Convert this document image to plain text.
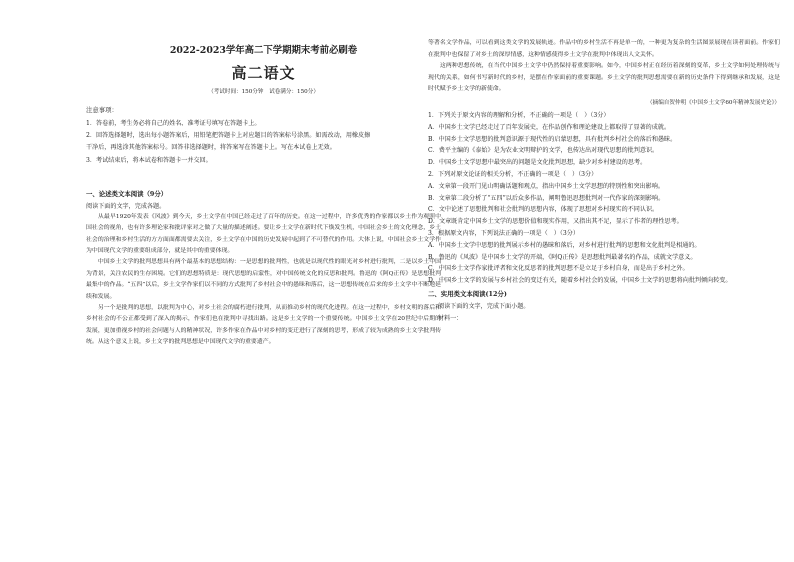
2022-2023学年高二下学期期末考前必刷卷
高二语文
（考试时间：150分钟　试卷满分：150分）
注意事项：

1．答卷前，考生务必将自己的姓名、准考证号填写在答题卡上。

2．回答选择题时，选出每小题答案后，用铅笔把答题卡上对应题目的答案标号涂黑。如需改动，用橡皮擦

干净后，再选涂其他答案标号。回答非选择题时，将答案写在答题卡上。写在本试卷上无效。

3．考试结束后，将本试卷和答题卡一并交回。

一、论述类文本阅读（9分）
阅读下面的文字，完成各题。

　　从最早1920年发表《风波》到今天，乡土文学在中国已经走过了百年的历史。在这一过程中，许多优秀的作家都以乡土作为观照中国社会的视角，也有许多理论家和批评家对之做了大量的描述阐述。要让乡土文学在新时代下焕发生机，中国社会乡土的文化理念，乡土社会的治理和乡村生活的方方面面都需要去关注，乡土文学在中国的历史发展中起到了不可替代的作用。大体上说，中国社会乡土文学作为中国现代文学的重要组成部分，就是其中的重要体现。

　　中国乡土文学的批判思想具有两个最基本的思想结构：一是思想的批判性，也就是以现代性的眼光对乡村进行批判，二是以乡土中国为背景，关注农民的生存困境。它们的思想特质是：现代思想的启蒙性，对中国传统文化的反思和批判。鲁迅的《阿Q正传》是思想批判最集中的作品。“五四”以后，乡土文学作家们以不同的方式批判了乡村社会中的愚昧和落后，这一思想传统在后来的乡土文学中不断地延续和发展。

　　另一个是批判的思想，以批判为中心，对乡土社会的腐朽进行批判，从而推动乡村的现代化进程。在这一过程中，乡村文明的落后和乡村社会的不公正都受到了深入的揭示，作家们也在批判中寻找出路。这是乡土文学的一个重要传统。中国乡土文学在20世纪中后期的发展，更加重视乡村的社会问题与人的精神状况，许多作家在作品中对乡村的变迁进行了深刻的思考，形成了较为成熟的乡土文学批判传统。从这个意义上说，乡土文学的批判思想是中国现代文学的重要遗产。

等著名文学作品，可以看到这类文学的发展轨迹。作品中的乡村生活不再是单一的，一种更为复杂的生活图景展现在读者面前。作家们在批判中也保留了对乡土的深厚情感，这种情感使得乡土文学在批判中体现出人文关怀。

　　这两种思想传统，在当代中国乡土文学中仍然保持着重要影响。如今，中国乡村正在经历着深刻的变革，乡土文学如何处理传统与现代的关系，如何书写新时代的乡村，是摆在作家面前的重要课题。乡土文学的批判思想需要在新的历史条件下得到继承和发展，这是时代赋予乡土文学的新使命。

（摘编自贺仲明《中国乡土文学60年精神发展史论》）

1．下列关于原文内容的理解和分析，不正确的一项是（　）（3分）

A．中国乡土文学已经走过了百年发展史，在作品创作和理论建设上都取得了显著的成就。

B．中国乡土文学思想的批判意识源于现代性的启蒙思想，具有批判乡村社会的落后和愚昧。

C．费平主编的《泰始》是为农业文明辩护的文学，也传达出对现代思想的批判意识。

D．中国乡土文学思想中最突出的问题是文化批判思想，缺少对乡村建设的思考。

2．下列对原文论证的相关分析，不正确的一项是（　）（3分）

A．文章第一段开门见山明确话题和观点，指出中国乡土文学思想的特别性和突出影响。

B．文章第二段分析了“五四”以后众多作品，阐明鲁迅思想批判对一代作家的深刻影响。

C．文中论述了思想批判和社会批判的思想内容，体现了思想对乡村现实的不同认识。

D．文章既肯定中国乡土文学的思想价值和现实作用，又指出其不足，显示了作者的理性思考。

3．根据原文内容，下列说法正确的一项是（　）（3分）

A．中国乡土文学中思想的批判展示乡村的愚昧和落后，对乡村进行批判的思想和文化批判是相通的。

B．鲁迅的《风波》是中国乡土文学的开端，《阿Q正传》是思想批判最著名的作品，成就文学意义。

C．中国乡土文学作家批评者和文化反思者的批判思想不是立足于乡村自身，而是出于乡村之外。

D．中国乡土文学的发展与乡村社会的变迁有关，随着乡村社会的发展，中国乡土文学的思想将向批判倾向转变。

二、实用类文本阅读(12分)

阅读下面的文字，完成下面小题。

材料一：
